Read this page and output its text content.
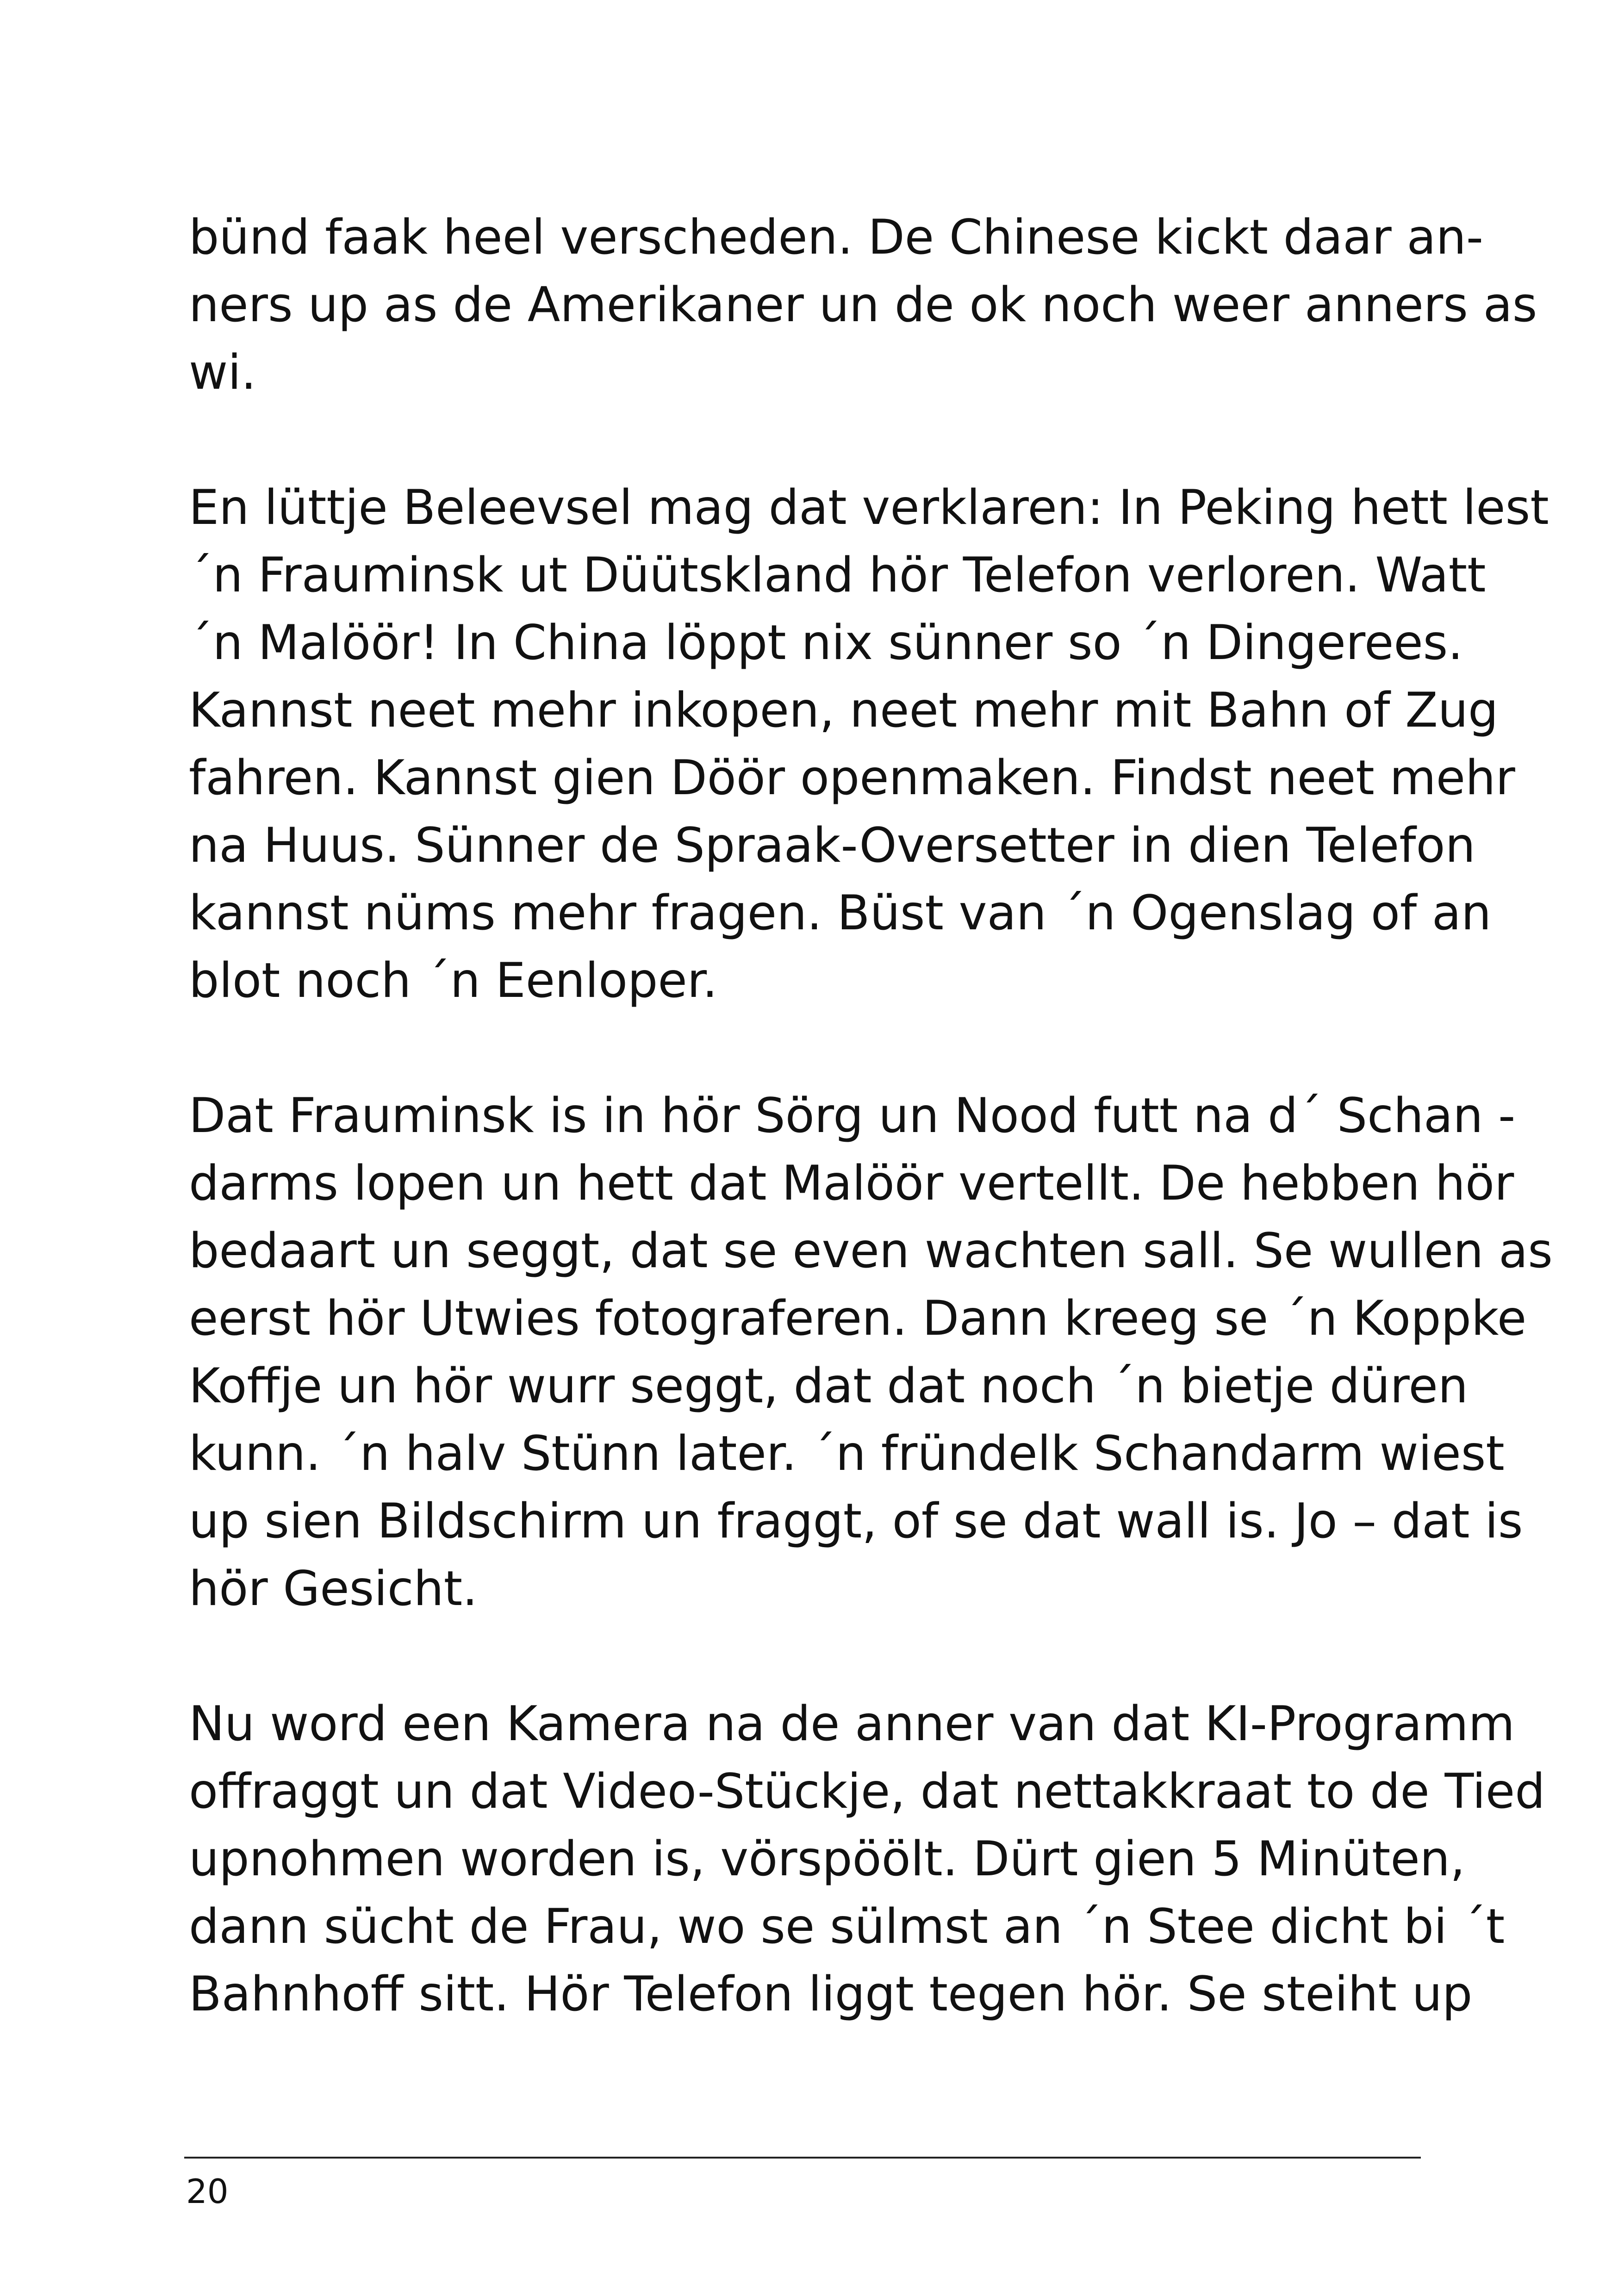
bünd faak heel verscheden. De Chinese kickt daar an-
ners up as de Amerikaner un de ok noch weer anners as
wi.
En lüttje Beleevsel mag dat verklaren: In Peking hett lest
´n Frauminsk ut Düütskland hör Telefon verloren. Watt
´n Malöör! In China löppt nix sünner so ´n Dingerees.
Kannst neet mehr inkopen, neet mehr mit Bahn of Zug
fahren. Kannst gien Döör openmaken. Findst neet mehr
na Huus. Sünner de Spraak-Oversetter in dien Telefon
kannst nüms mehr fragen. Büst van ´n Ogenslag of an
blot noch ´n Eenloper.
Dat Frauminsk is in hör Sörg un Nood futt na d´ Schan -
darms lopen un hett dat Malöör vertellt. De hebben hör
bedaart un seggt, dat se even wachten sall. Se wullen as
eerst hör Utwies fotograferen. Dann kreeg se ´n Koppke
Koffje un hör wurr seggt, dat dat noch ´n bietje düren
kunn. ´n halv Stünn later. ´n fründelk Schandarm wiest
up sien Bildschirm un fraggt, of se dat wall is. Jo – dat is
hör Gesicht.
Nu word een Kamera na de anner van dat KI-Programm
offraggt un dat Video-Stückje, dat nettakkraat to de Tied
upnohmen worden is, vörspöölt. Dürt gien 5 Minüten,
dann sücht de Frau, wo se sülmst an ´n Stee dicht bi ´t
Bahnhoff sitt. Hör Telefon liggt tegen hör. Se steiht up
20
